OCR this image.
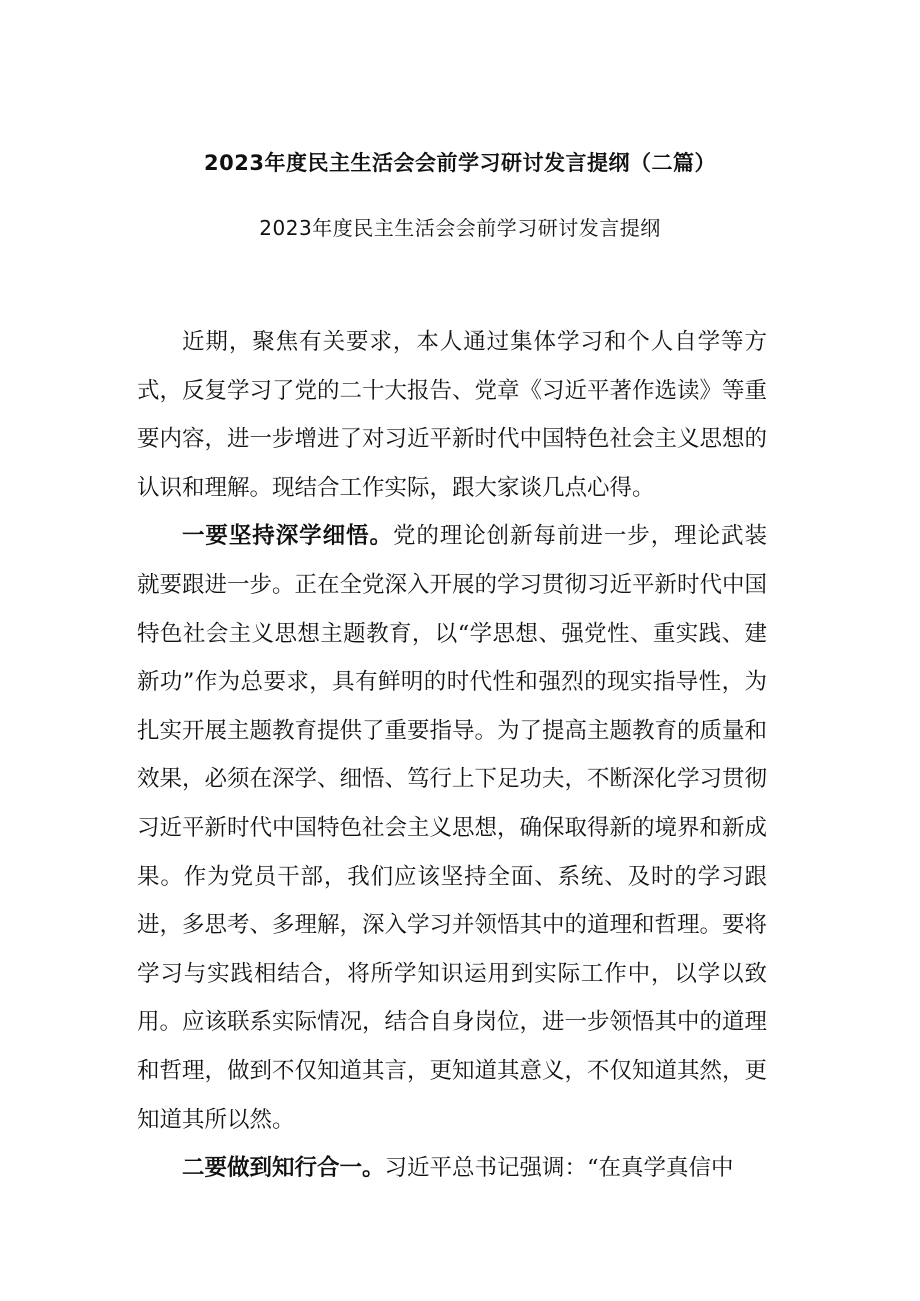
2023年度民主生活会会前学习研讨发言提纲（二篇）
2023年度民主生活会会前学习研讨发言提纲

近期，聚焦有关要求，本人通过集体学习和个人自学等方式，反复学习了党的二十大报告、党章《习近平著作选读》等重要内容，进一步增进了对习近平新时代中国特色社会主义思想的认识和理解。现结合工作实际，跟大家谈几点心得。

一要坚持深学细悟。党的理论创新每前进一步，理论武装就要跟进一步。正在全党深入开展的学习贯彻习近平新时代中国特色社会主义思想主题教育，以“学思想、强党性、重实践、建新功”作为总要求，具有鲜明的时代性和强烈的现实指导性，为扎实开展主题教育提供了重要指导。为了提高主题教育的质量和效果，必须在深学、细悟、笃行上下足功夫，不断深化学习贯彻习近平新时代中国特色社会主义思想，确保取得新的境界和新成果。作为党员干部，我们应该坚持全面、系统、及时的学习跟进，多思考、多理解，深入学习并领悟其中的道理和哲理。要将学习与实践相结合，将所学知识运用到实际工作中，以学以致用。应该联系实际情况，结合自身岗位，进一步领悟其中的道理和哲理，做到不仅知道其言，更知道其意义，不仅知道其然，更知道其所以然。

二要做到知行合一。习近平总书记强调：“在真学真信中
